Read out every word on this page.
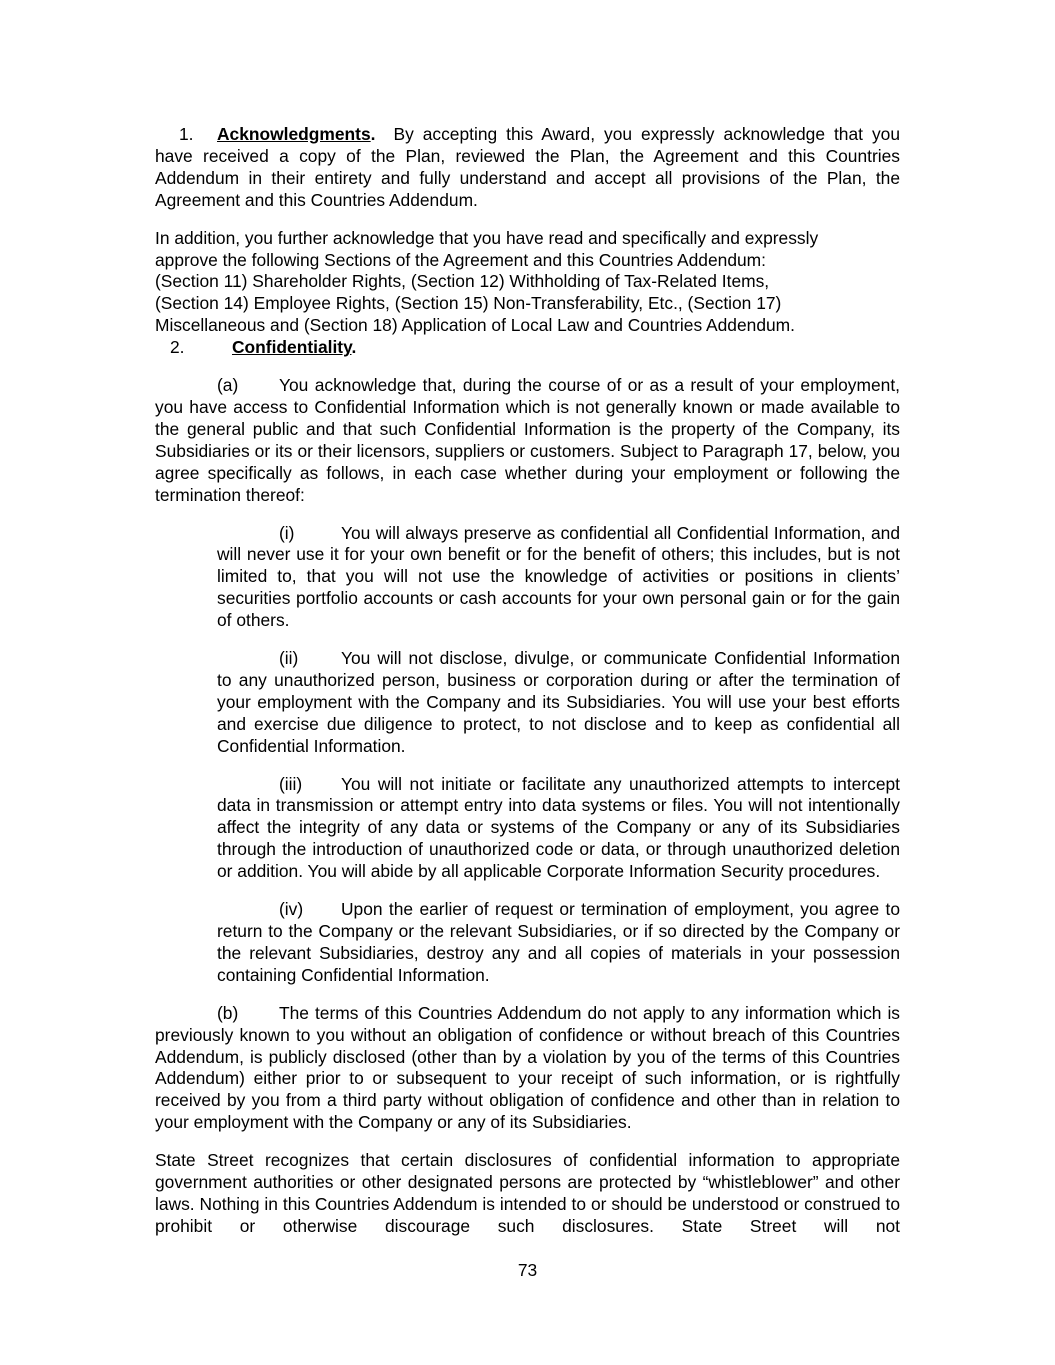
1. Acknowledgments. By accepting this Award, you expressly acknowledge that you have received a copy of the Plan, reviewed the Plan, the Agreement and this Countries Addendum in their entirety and fully understand and accept all provisions of the Plan, the Agreement and this Countries Addendum.

In addition, you further acknowledge that you have read and specifically and expressly
approve the following Sections of the Agreement and this Countries Addendum:
(Section 11) Shareholder Rights, (Section 12) Withholding of Tax-Related Items,
(Section 14) Employee Rights, (Section 15) Non-Transferability, Etc., (Section 17)
Miscellaneous and (Section 18) Application of Local Law and Countries Addendum.

2.	Confidentiality.

(a) You acknowledge that, during the course of or as a result of your employment, you have access to Confidential Information which is not generally known or made available to the general public and that such Confidential Information is the property of the Company, its Subsidiaries or its or their licensors, suppliers or customers. Subject to Paragraph 17, below, you agree specifically as follows, in each case whether during your employment or following the termination thereof:

(i)	You will always preserve as confidential all Confidential Information, and will never use it for your own benefit or for the benefit of others; this includes, but is not limited to, that you will not use the knowledge of activities or positions in clients’ securities portfolio accounts or cash accounts for your own personal gain or for the gain of others.

(ii) You will not disclose, divulge, or communicate Confidential Information to any unauthorized person, business or corporation during or after the termination of your employment with the Company and its Subsidiaries. You will use your best efforts and exercise due diligence to protect, to not disclose and to keep as confidential all Confidential Information.

(iii) You will not initiate or facilitate any unauthorized attempts to intercept data in transmission or attempt entry into data systems or files. You will not intentionally affect the integrity of any data or systems of the Company or any of its Subsidiaries through the introduction of unauthorized code or data, or through unauthorized deletion or addition. You will abide by all applicable Corporate Information Security procedures.

(iv) Upon the earlier of request or termination of employment, you agree to return to the Company or the relevant Subsidiaries, or if so directed by the Company or the relevant Subsidiaries, destroy any and all copies of materials in your possession containing Confidential Information.

(b) The terms of this Countries Addendum do not apply to any information which is previously known to you without an obligation of confidence or without breach of this Countries Addendum, is publicly disclosed (other than by a violation by you of the terms of this Countries Addendum) either prior to or subsequent to your receipt of such information, or is rightfully received by you from a third party without obligation of confidence and other than in relation to your employment with the Company or any of its Subsidiaries.

State Street recognizes that certain disclosures of confidential information to appropriate government authorities or other designated persons are protected by “whistleblower” and other laws. Nothing in this Countries Addendum is intended to or should be understood or construed to prohibit or otherwise discourage such disclosures. State Street will not

73
